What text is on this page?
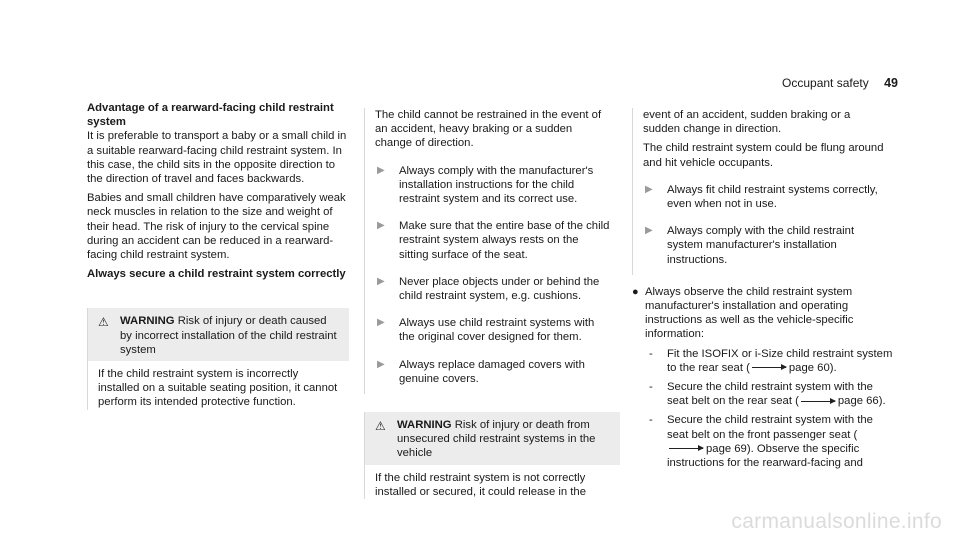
Occupant safety 49
Advantage of a rearward-facing child restraint system

It is preferable to transport a baby or a small child in a suitable rearward-facing child restraint system. In this case, the child sits in the opposite direction to the direction of travel and faces backwards.

Babies and small children have comparatively weak neck muscles in relation to the size and weight of their head. The risk of injury to the cervical spine during an accident can be reduced in a rearward-facing child restraint system.

Always secure a child restraint system correctly
⚠ WARNING Risk of injury or death caused by incorrect installation of the child restraint system
If the child restraint system is incorrectly installed on a suitable seating position, it cannot perform its intended protective function.

The child cannot be restrained in the event of an accident, heavy braking or a sudden change of direction.

▶	Always comply with the manufacturer's installation instructions for the child restraint system and its correct use.
▶	Make sure that the entire base of the child restraint system always rests on the sitting surface of the seat.
▶	Never place objects under or behind the child restraint system, e.g. cushions.
▶	Always use child restraint systems with the original cover designed for them.
▶	Always replace damaged covers with genuine covers.
⚠ WARNING Risk of injury or death from unsecured child restraint systems in the vehicle
If the child restraint system is not correctly installed or secured, it could release in the

event of an accident, sudden braking or a sudden change in direction.

The child restraint system could be flung around and hit vehicle occupants.

▶	Always fit child restraint systems correctly, even when not in use.
▶	Always comply with the child restraint system manufacturer's installation instructions.
● Always observe the child restraint system manufacturer's installation and operating instructions as well as the vehicle-specific information:
-	Fit the ISOFIX or i-Size child restraint system to the rear seat (	page 60).
-	Secure the child restraint system with the seat belt on the rear seat (	page 66).
-	Secure the child restraint system with the seat belt on the front passenger seat (page 69). Observe the specific instructions for the rearward-facing and
carmanualsonline.info
